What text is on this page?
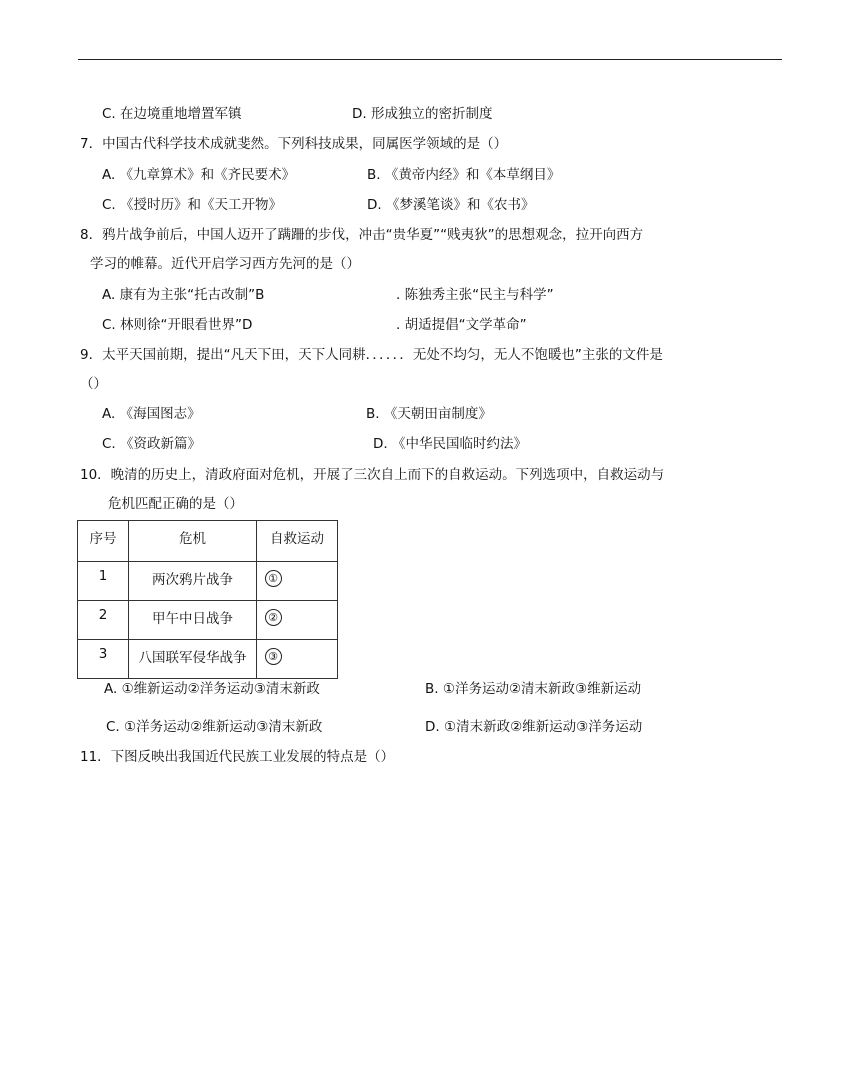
C. 在边境重地增置军镇	D. 形成独立的密折制度
7．中国古代科学技术成就斐然。下列科技成果，同属医学领域的是（）
A. 《九章算术》和《齐民要术》	B. 《黄帝内经》和《本草纲目》
C. 《授时历》和《天工开物》	D. 《梦溪笔谈》和《农书》
8．鸦片战争前后，中国人迈开了蹒跚的步伐，冲击“贵华夏”“贱夷狄”的思想观念，拉开向西方
学习的帷幕。近代开启学习西方先河的是（）
A. 康有为主张“托古改制”B	. 陈独秀主张“民主与科学”
C. 林则徐“开眼看世界”D	. 胡适提倡“文学革命”
9．太平天国前期，提出“凡天下田，天下人同耕．．．．．．无处不均匀，无人不饱暖也”主张的文件是
（）
A. 《海国图志》	B. 《天朝田亩制度》
C. 《资政新篇》	D. 《中华民国临时约法》
10．晚清的历史上，清政府面对危机，开展了三次自上而下的自救运动。下列选项中，自救运动与
危机匹配正确的是（）
序号	危机	自救运动

1	两次鸦片战争	①

2	甲午中日战争	②

3	八国联军侵华战争	③
A. ①维新运动②洋务运动③清末新政	B. ①洋务运动②清末新政③维新运动
C. ①洋务运动②维新运动③清末新政	D. ①清末新政②维新运动③洋务运动
11．下图反映出我国近代民族工业发展的特点是（）
